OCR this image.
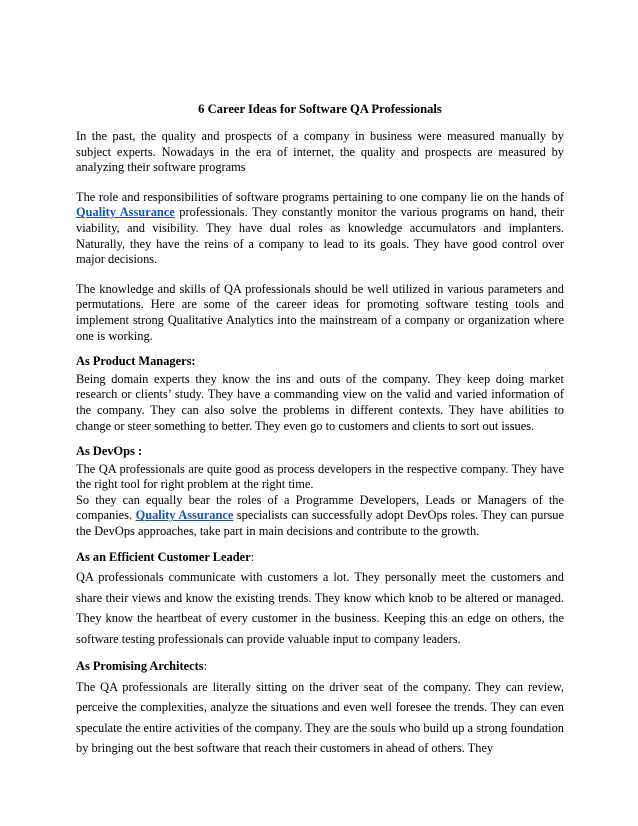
6 Career Ideas for Software QA Professionals

In the past, the quality and prospects of a company in business were measured manually by subject experts. Nowadays in the era of internet, the quality and prospects are measured by analyzing their software programs

The role and responsibilities of software programs pertaining to one company lie on the hands of Quality Assurance professionals. They constantly monitor the various programs on hand, their viability, and visibility. They have dual roles as knowledge accumulators and implanters. Naturally, they have the reins of a company to lead to its goals. They have good control over major decisions.

The knowledge and skills of QA professionals should be well utilized in various parameters and permutations. Here are some of the career ideas for promoting software testing tools and implement strong Qualitative Analytics into the mainstream of a company or organization where one is working.

As Product Managers:

Being domain experts they know the ins and outs of the company. They keep doing market research or clients’ study. They have a commanding view on the valid and varied information of the company. They can also solve the problems in different contexts. They have abilities to change or steer something to better. They even go to customers and clients to sort out issues.

As DevOps :

The QA professionals are quite good as process developers in the respective company. They have the right tool for right problem at the right time.

So they can equally bear the roles of a Programme Developers, Leads or Managers of the companies. Quality Assurance specialists can successfully adopt DevOps roles. They can pursue the DevOps approaches, take part in main decisions and contribute to the growth.

As an Efficient Customer Leader:

QA professionals communicate with customers a lot. They personally meet the customers and share their views and know the existing trends. They know which knob to be altered or managed. They know the heartbeat of every customer in the business. Keeping this an edge on others, the software testing professionals can provide valuable input to company leaders.

As Promising Architects:

The QA professionals are literally sitting on the driver seat of the company. They can review, perceive the complexities, analyze the situations and even well foresee the trends. They can even speculate the entire activities of the company. They are the souls who build up a strong foundation by bringing out the best software that reach their customers in ahead of others. They
